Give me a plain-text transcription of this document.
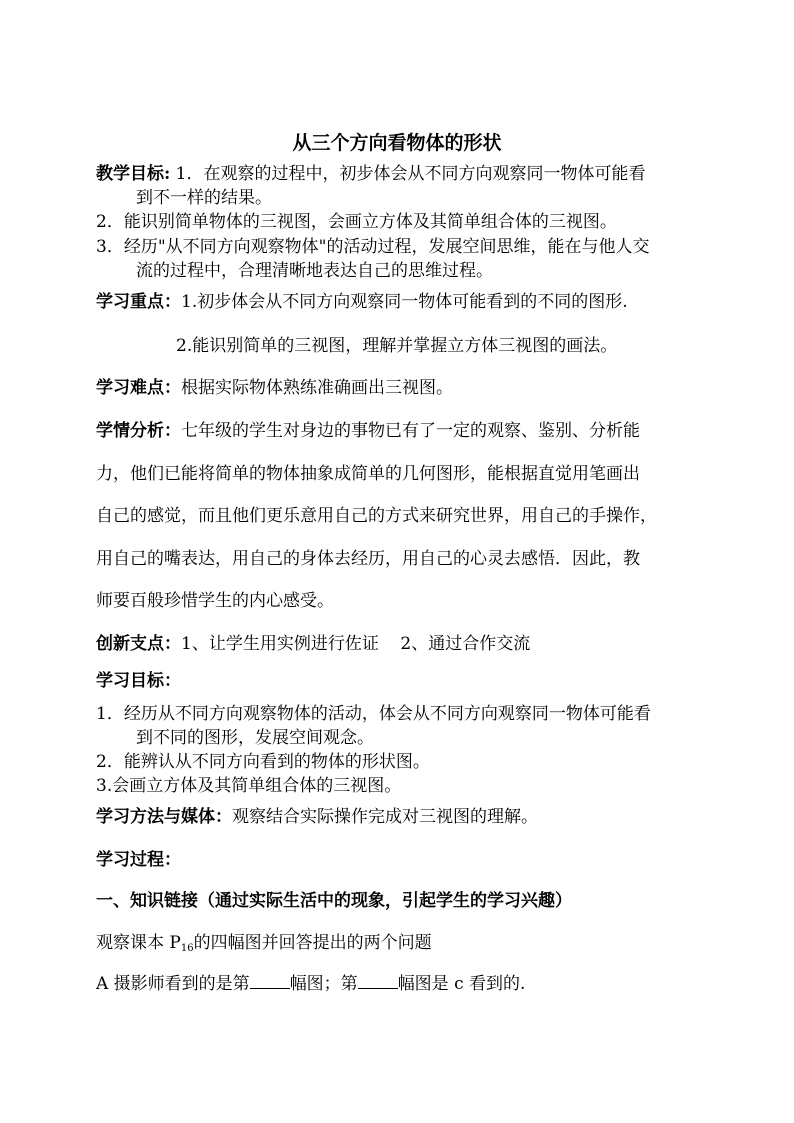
从三个方向看物体的形状
教学目标: 1．在观察的过程中，初步体会从不同方向观察同一物体可能看
到不一样的结果。
2．能识别简单物体的三视图，会画立方体及其简单组合体的三视图。
3．经历"从不同方向观察物体"的活动过程，发展空间思维，能在与他人交
流的过程中，合理清晰地表达自己的思维过程。
学习重点：1.初步体会从不同方向观察同一物体可能看到的不同的图形.
2.能识别简单的三视图，理解并掌握立方体三视图的画法。
学习难点：根据实际物体熟练准确画出三视图。
学情分析：七年级的学生对身边的事物已有了一定的观察、鉴别、分析能
力，他们已能将简单的物体抽象成简单的几何图形，能根据直觉用笔画出
自己的感觉，而且他们更乐意用自己的方式来研究世界，用自己的手操作，
用自己的嘴表达，用自己的身体去经历，用自己的心灵去感悟．因此，教
师要百般珍惜学生的内心感受。
创新支点：1、让学生用实例进行佐证    2、通过合作交流
学习目标：
1．经历从不同方向观察物体的活动，体会从不同方向观察同一物体可能看
到不同的图形，发展空间观念。
2．能辨认从不同方向看到的物体的形状图。
3.会画立方体及其简单组合体的三视图。
学习方法与媒体：观察结合实际操作完成对三视图的理解。
学习过程：
一、知识链接（通过实际生活中的现象，引起学生的学习兴趣）
观察课本 $P_{16}$的四幅图并回答提出的两个问题
A 摄影师看到的是第 幅图；第 幅图是 c 看到的.
